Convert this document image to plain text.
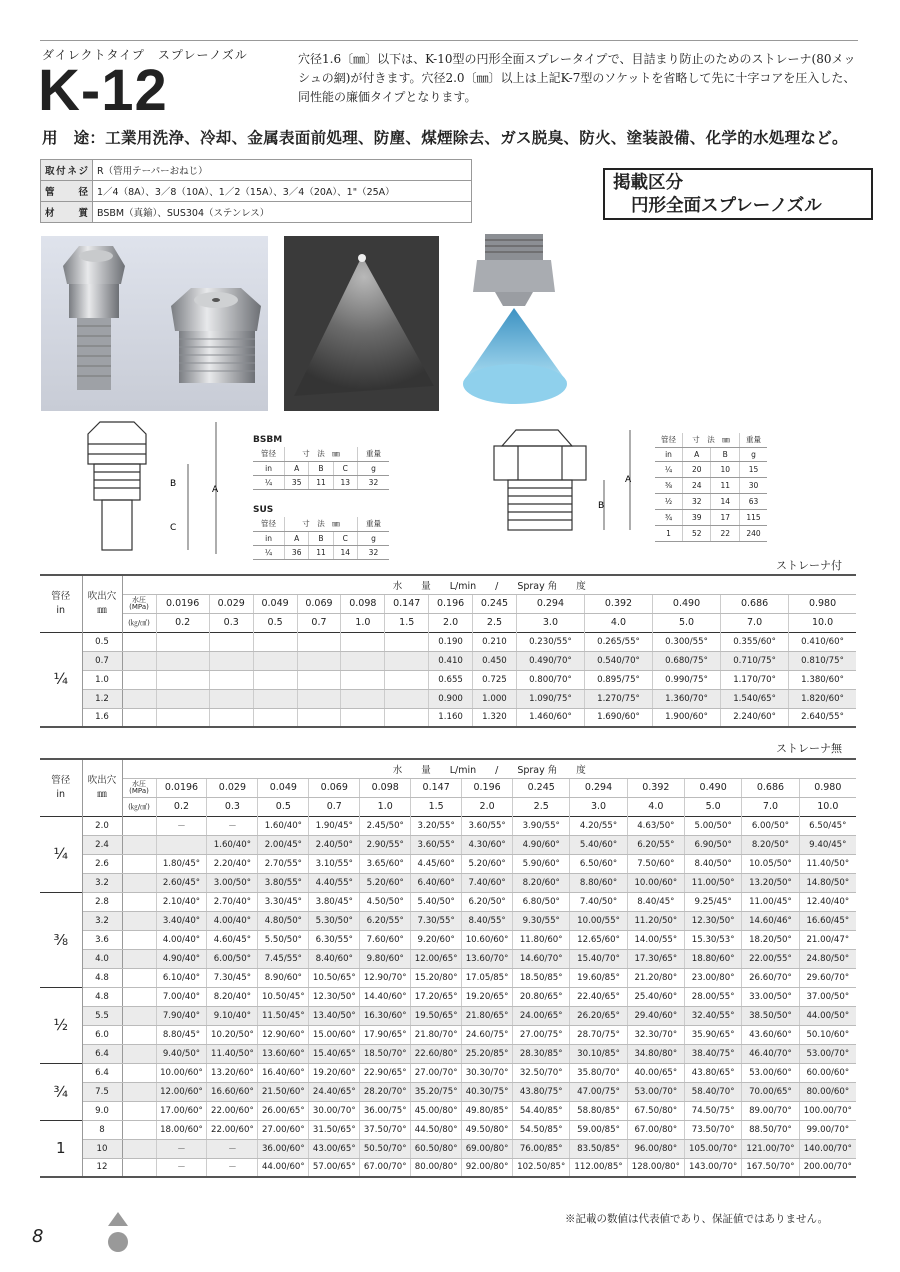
ダイレクトタイプ　スプレーノズル
K-12	穴径1.6〔㎜〕以下は、K-10型の円形全面スプレータイプで、目詰まり防止のためのストレーナ(80メッシュの網)が付きます。穴径2.0〔㎜〕以上は上記K-7型のソケットを省略して先に十字コアを圧入した、同性能の廉価タイプとなります。
用　途：工業用洗浄、冷却、金属表面前処理、防塵、煤煙除去、ガス脱臭、防火、塗装設備、化学的水処理など。
取付ネジ	R（管用テーパーおねじ）
管　径	1／4（8A）、3／8（10A）、1／2（15A）、3／4（20A）、1"（25A）
材　質	BSBM（真鍮）、SUS304（ステンレス）
掲載区分
円形全面スプレーノズル
A
B
C
BSBM
管径	寸　法　㎜			重量
in	A	B	C	g
¼	35	11	13	32
SUS
管径	寸　法　㎜			重量
in	A	B	C	g
¼	36	11	14	32
A
B
管径	寸　法　㎜		重量
in	A	B	g
¼	20	10	15
⅜	24	11	30
½	32	14	63
¾	39	17	115
1	52	22	240
ストレーナ付
管径
in	吹出穴
㎜	水　　量　　L/min　　/　　Spray 角　　度													
		水圧
(MPa)	0.0196	0.029	0.049	0.069	0.098	0.147	0.196	0.245	0.294	0.392	0.490	0.686	0.980
		(㎏/㎠)	0.2	0.3	0.5	0.7	1.0	1.5	2.0	2.5	3.0	4.0	5.0	7.0	10.0
¼	0.5								0.190	0.210	0.230/55°	0.265/55°	0.300/55°	0.355/60°	0.410/60°
	0.7								0.410	0.450	0.490/70°	0.540/70°	0.680/75°	0.710/75°	0.810/75°
	1.0								0.655	0.725	0.800/70°	0.895/75°	0.990/75°	1.170/70°	1.380/60°
	1.2								0.900	1.000	1.090/75°	1.270/75°	1.360/70°	1.540/65°	1.820/60°
	1.6								1.160	1.320	1.460/60°	1.690/60°	1.900/60°	2.240/60°	2.640/55°
ストレーナ無
管径
in	吹出穴
㎜	水　　量　　L/min　　/　　Spray 角　　度													
		水圧
(MPa)	0.0196	0.029	0.049	0.069	0.098	0.147	0.196	0.245	0.294	0.392	0.490	0.686	0.980
		(㎏/㎠)	0.2	0.3	0.5	0.7	1.0	1.5	2.0	2.5	3.0	4.0	5.0	7.0	10.0
¼	2.0		－	－	1.60/40°	1.90/45°	2.45/50°	3.20/55°	3.60/55°	3.90/55°	4.20/55°	4.63/50°	5.00/50°	6.00/50°	6.50/45°
	2.4			1.60/40°	2.00/45°	2.40/50°	2.90/55°	3.60/55°	4.30/60°	4.90/60°	5.40/60°	6.20/55°	6.90/50°	8.20/50°	9.40/45°
	2.6		1.80/45°	2.20/40°	2.70/55°	3.10/55°	3.65/60°	4.45/60°	5.20/60°	5.90/60°	6.50/60°	7.50/60°	8.40/50°	10.05/50°	11.40/50°
	3.2		2.60/45°	3.00/50°	3.80/55°	4.40/55°	5.20/60°	6.40/60°	7.40/60°	8.20/60°	8.80/60°	10.00/60°	11.00/50°	13.20/50°	14.80/50°
⅜	2.8		2.10/40°	2.70/40°	3.30/45°	3.80/45°	4.50/50°	5.40/50°	6.20/50°	6.80/50°	7.40/50°	8.40/45°	9.25/45°	11.00/45°	12.40/40°
	3.2		3.40/40°	4.00/40°	4.80/50°	5.30/50°	6.20/55°	7.30/55°	8.40/55°	9.30/55°	10.00/55°	11.20/50°	12.30/50°	14.60/46°	16.60/45°
	3.6		4.00/40°	4.60/45°	5.50/50°	6.30/55°	7.60/60°	9.20/60°	10.60/60°	11.80/60°	12.65/60°	14.00/55°	15.30/53°	18.20/50°	21.00/47°
	4.0		4.90/40°	6.00/50°	7.45/55°	8.40/60°	9.80/60°	12.00/65°	13.60/70°	14.60/70°	15.40/70°	17.30/65°	18.80/60°	22.00/55°	24.80/50°
	4.8		6.10/40°	7.30/45°	8.90/60°	10.50/65°	12.90/70°	15.20/80°	17.05/85°	18.50/85°	19.60/85°	21.20/80°	23.00/80°	26.60/70°	29.60/70°
½	4.8		7.00/40°	8.20/40°	10.50/45°	12.30/50°	14.40/60°	17.20/65°	19.20/65°	20.80/65°	22.40/65°	25.40/60°	28.00/55°	33.00/50°	37.00/50°
	5.5		7.90/40°	9.10/40°	11.50/45°	13.40/50°	16.30/60°	19.50/65°	21.80/65°	24.00/65°	26.20/65°	29.40/60°	32.40/55°	38.50/50°	44.00/50°
	6.0		8.80/45°	10.20/50°	12.90/60°	15.00/60°	17.90/65°	21.80/70°	24.60/75°	27.00/75°	28.70/75°	32.30/70°	35.90/65°	43.60/60°	50.10/60°
	6.4		9.40/50°	11.40/50°	13.60/60°	15.40/65°	18.50/70°	22.60/80°	25.20/85°	28.30/85°	30.10/85°	34.80/80°	38.40/75°	46.40/70°	53.00/70°
¾	6.4		10.00/60°	13.20/60°	16.40/60°	19.20/60°	22.90/65°	27.00/70°	30.30/70°	32.50/70°	35.80/70°	40.00/65°	43.80/65°	53.00/60°	60.00/60°
	7.5		12.00/60°	16.60/60°	21.50/60°	24.40/65°	28.20/70°	35.20/75°	40.30/75°	43.80/75°	47.00/75°	53.00/70°	58.40/70°	70.00/65°	80.00/60°
	9.0		17.00/60°	22.00/60°	26.00/65°	30.00/70°	36.00/75°	45.00/80°	49.80/85°	54.40/85°	58.80/85°	67.50/80°	74.50/75°	89.00/70°	100.00/70°
1	8		18.00/60°	22.00/60°	27.00/60°	31.50/65°	37.50/70°	44.50/80°	49.50/80°	54.50/85°	59.00/85°	67.00/80°	73.50/70°	88.50/70°	99.00/70°
	10		－	－	36.00/60°	43.00/65°	50.50/70°	60.50/80°	69.00/80°	76.00/85°	83.50/85°	96.00/80°	105.00/70°	121.00/70°	140.00/70°
	12		－	－	44.00/60°	57.00/65°	67.00/70°	80.00/80°	92.00/80°	102.50/85°	112.00/85°	128.00/80°	143.00/70°	167.50/70°	200.00/70°
8
※記載の数値は代表値であり、保証値ではありません。
